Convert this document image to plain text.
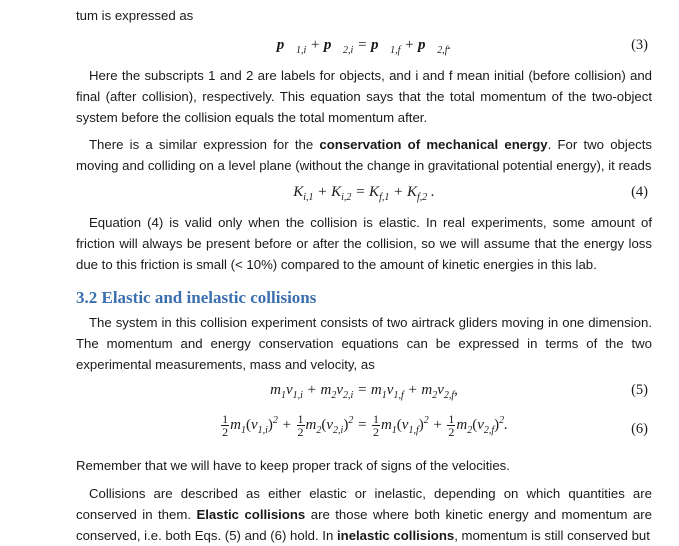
tum is expressed as

$p⃗_{1,i}$ + $p⃗_{2,i}$ = $p⃗_{1,f}$ + $p⃗_{2,f}$.	(3)

Here the subscripts 1 and 2 are labels for objects, and i and f mean initial (before collision) and final (after collision), respectively. This equation says that the total momentum of the two-object system before the collision equals the total momentum after.

There is a similar expression for the conservation of mechanical energy. For two objects moving and colliding on a level plane (without the change in gravitational potential energy), it reads

$K_{i,1} + K_{i,2} = K_{f,1} + K_{f,2}$ .	(4)

Equation (4) is valid only when the collision is elastic. In real experiments, some amount of friction will always be present before or after the collision, so we will assume that the energy loss due to this friction is small (< 10%) compared to the amount of kinetic energies in this lab.

3.2 Elastic and inelastic collisions

The system in this collision experiment consists of two airtrack gliders moving in one dimension. The momentum and energy conservation equations can be expressed in terms of the two experimental measurements, mass and velocity, as

$m_1v_{1,i} + m_2v_{2,i} = m_1v_{1,f} + m_2v_{2,f}$,	(5)
$\frac{1}{2} m_1(v_{1,i})^2 + \frac{1}{2} m_2(v_{2,i})^2 = \frac{1}{2} m_1(v_{1,f})^2 + \frac{1}{2} m_2(v_{2,f})^2$.	(6)

Remember that we will have to keep proper track of signs of the velocities.

Collisions are described as either elastic or inelastic, depending on which quantities are conserved in them. Elastic collisions are those where both kinetic energy and momentum are conserved, i.e. both Eqs. (5) and (6) hold. In inelastic collisions, momentum is still conserved but
